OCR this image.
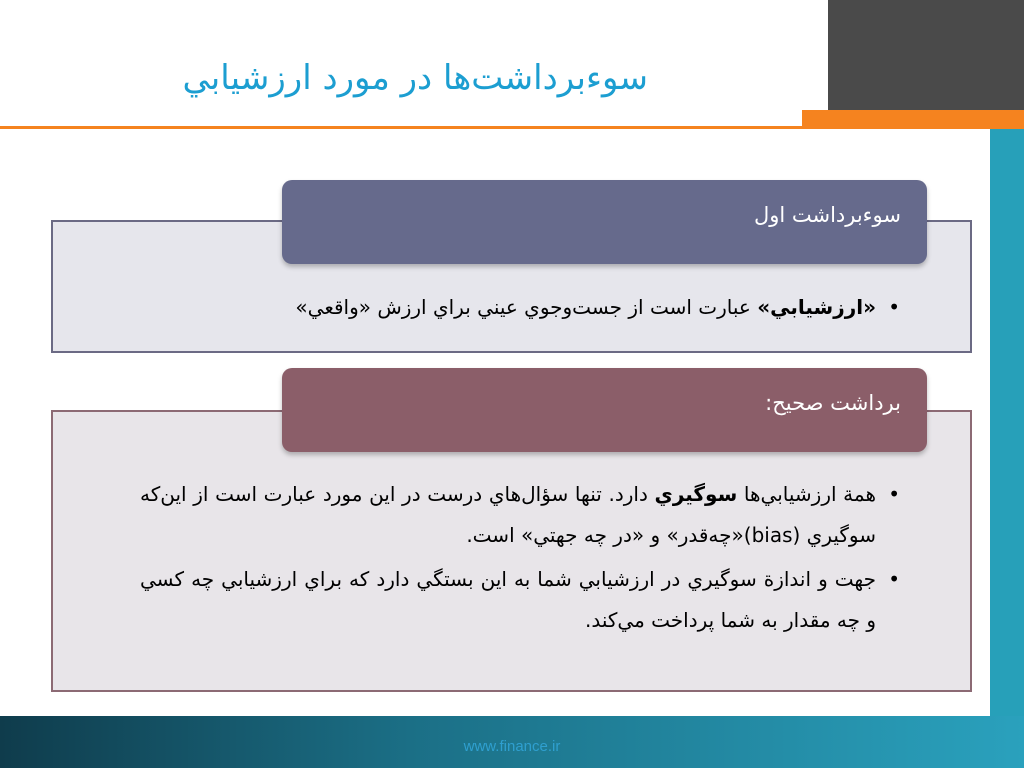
سوءبرداشت‌ها در مورد ارزشيابي
سوءبرداشت اول

•
«ارزشيابي» عبارت است از جست‌وجوي عيني براي ارزش «واقعي»

برداشت صحيح:

•
همة ارزشيابي‌ها سوگيري دارد. تنها سؤال‌هاي درست در اين مورد عبارت است از اين‌كه سوگيري (bias)«چه‌قدر» و «در چه جهتي» است.

•
جهت و اندازة سوگيري در ارزشيابي شما به اين بستگي دارد كه براي ارزشيابي چه كسي و چه مقدار به شما پرداخت مي‌كند.

www.finance.ir
